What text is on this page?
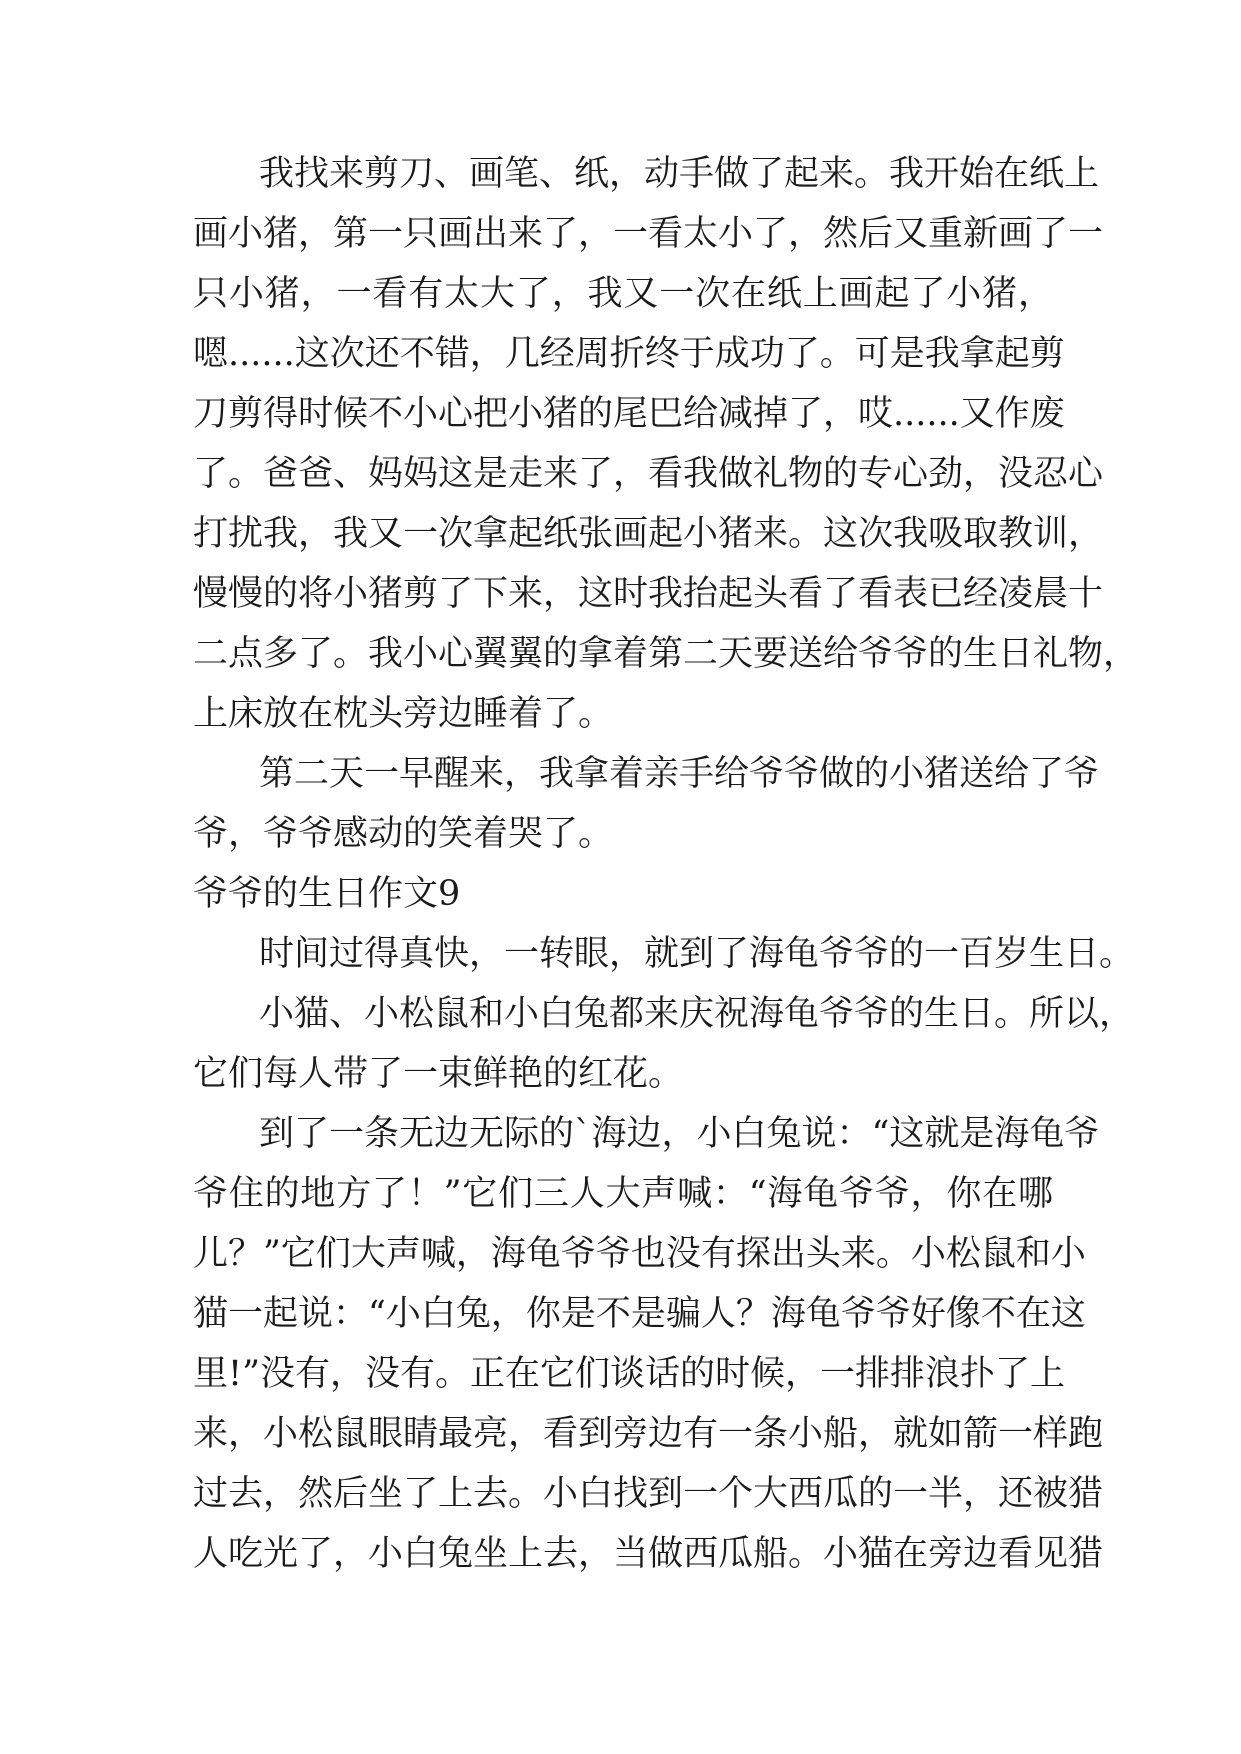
我找来剪刀、画笔、纸，动手做了起来。我开始在纸上
画小猪，第一只画出来了，一看太小了，然后又重新画了一
只小猪，一看有太大了，我又一次在纸上画起了小猪，
嗯......这次还不错，几经周折终于成功了。可是我拿起剪
刀剪得时候不小心把小猪的尾巴给减掉了，哎......又作废
了。爸爸、妈妈这是走来了，看我做礼物的专心劲，没忍心
打扰我，我又一次拿起纸张画起小猪来。这次我吸取教训，
慢慢的将小猪剪了下来，这时我抬起头看了看表已经凌晨十
二点多了。我小心翼翼的拿着第二天要送给爷爷的生日礼物，
上床放在枕头旁边睡着了。
第二天一早醒来，我拿着亲手给爷爷做的小猪送给了爷
爷，爷爷感动的笑着哭了。
爷爷的生日作文9
时间过得真快，一转眼，就到了海龟爷爷的一百岁生日。
小猫、小松鼠和小白兔都来庆祝海龟爷爷的生日。所以，
它们每人带了一束鲜艳的红花。
到了一条无边无际的`海边，小白兔说：“这就是海龟爷
爷住的地方了！”它们三人大声喊：“海龟爷爷，你在哪
儿？”它们大声喊，海龟爷爷也没有探出头来。小松鼠和小
猫一起说：“小白兔，你是不是骗人？海龟爷爷好像不在这
里!”没有，没有。正在它们谈话的时候，一排排浪扑了上
来，小松鼠眼睛最亮，看到旁边有一条小船，就如箭一样跑
过去，然后坐了上去。小白找到一个大西瓜的一半，还被猎
人吃光了，小白兔坐上去，当做西瓜船。小猫在旁边看见猎
